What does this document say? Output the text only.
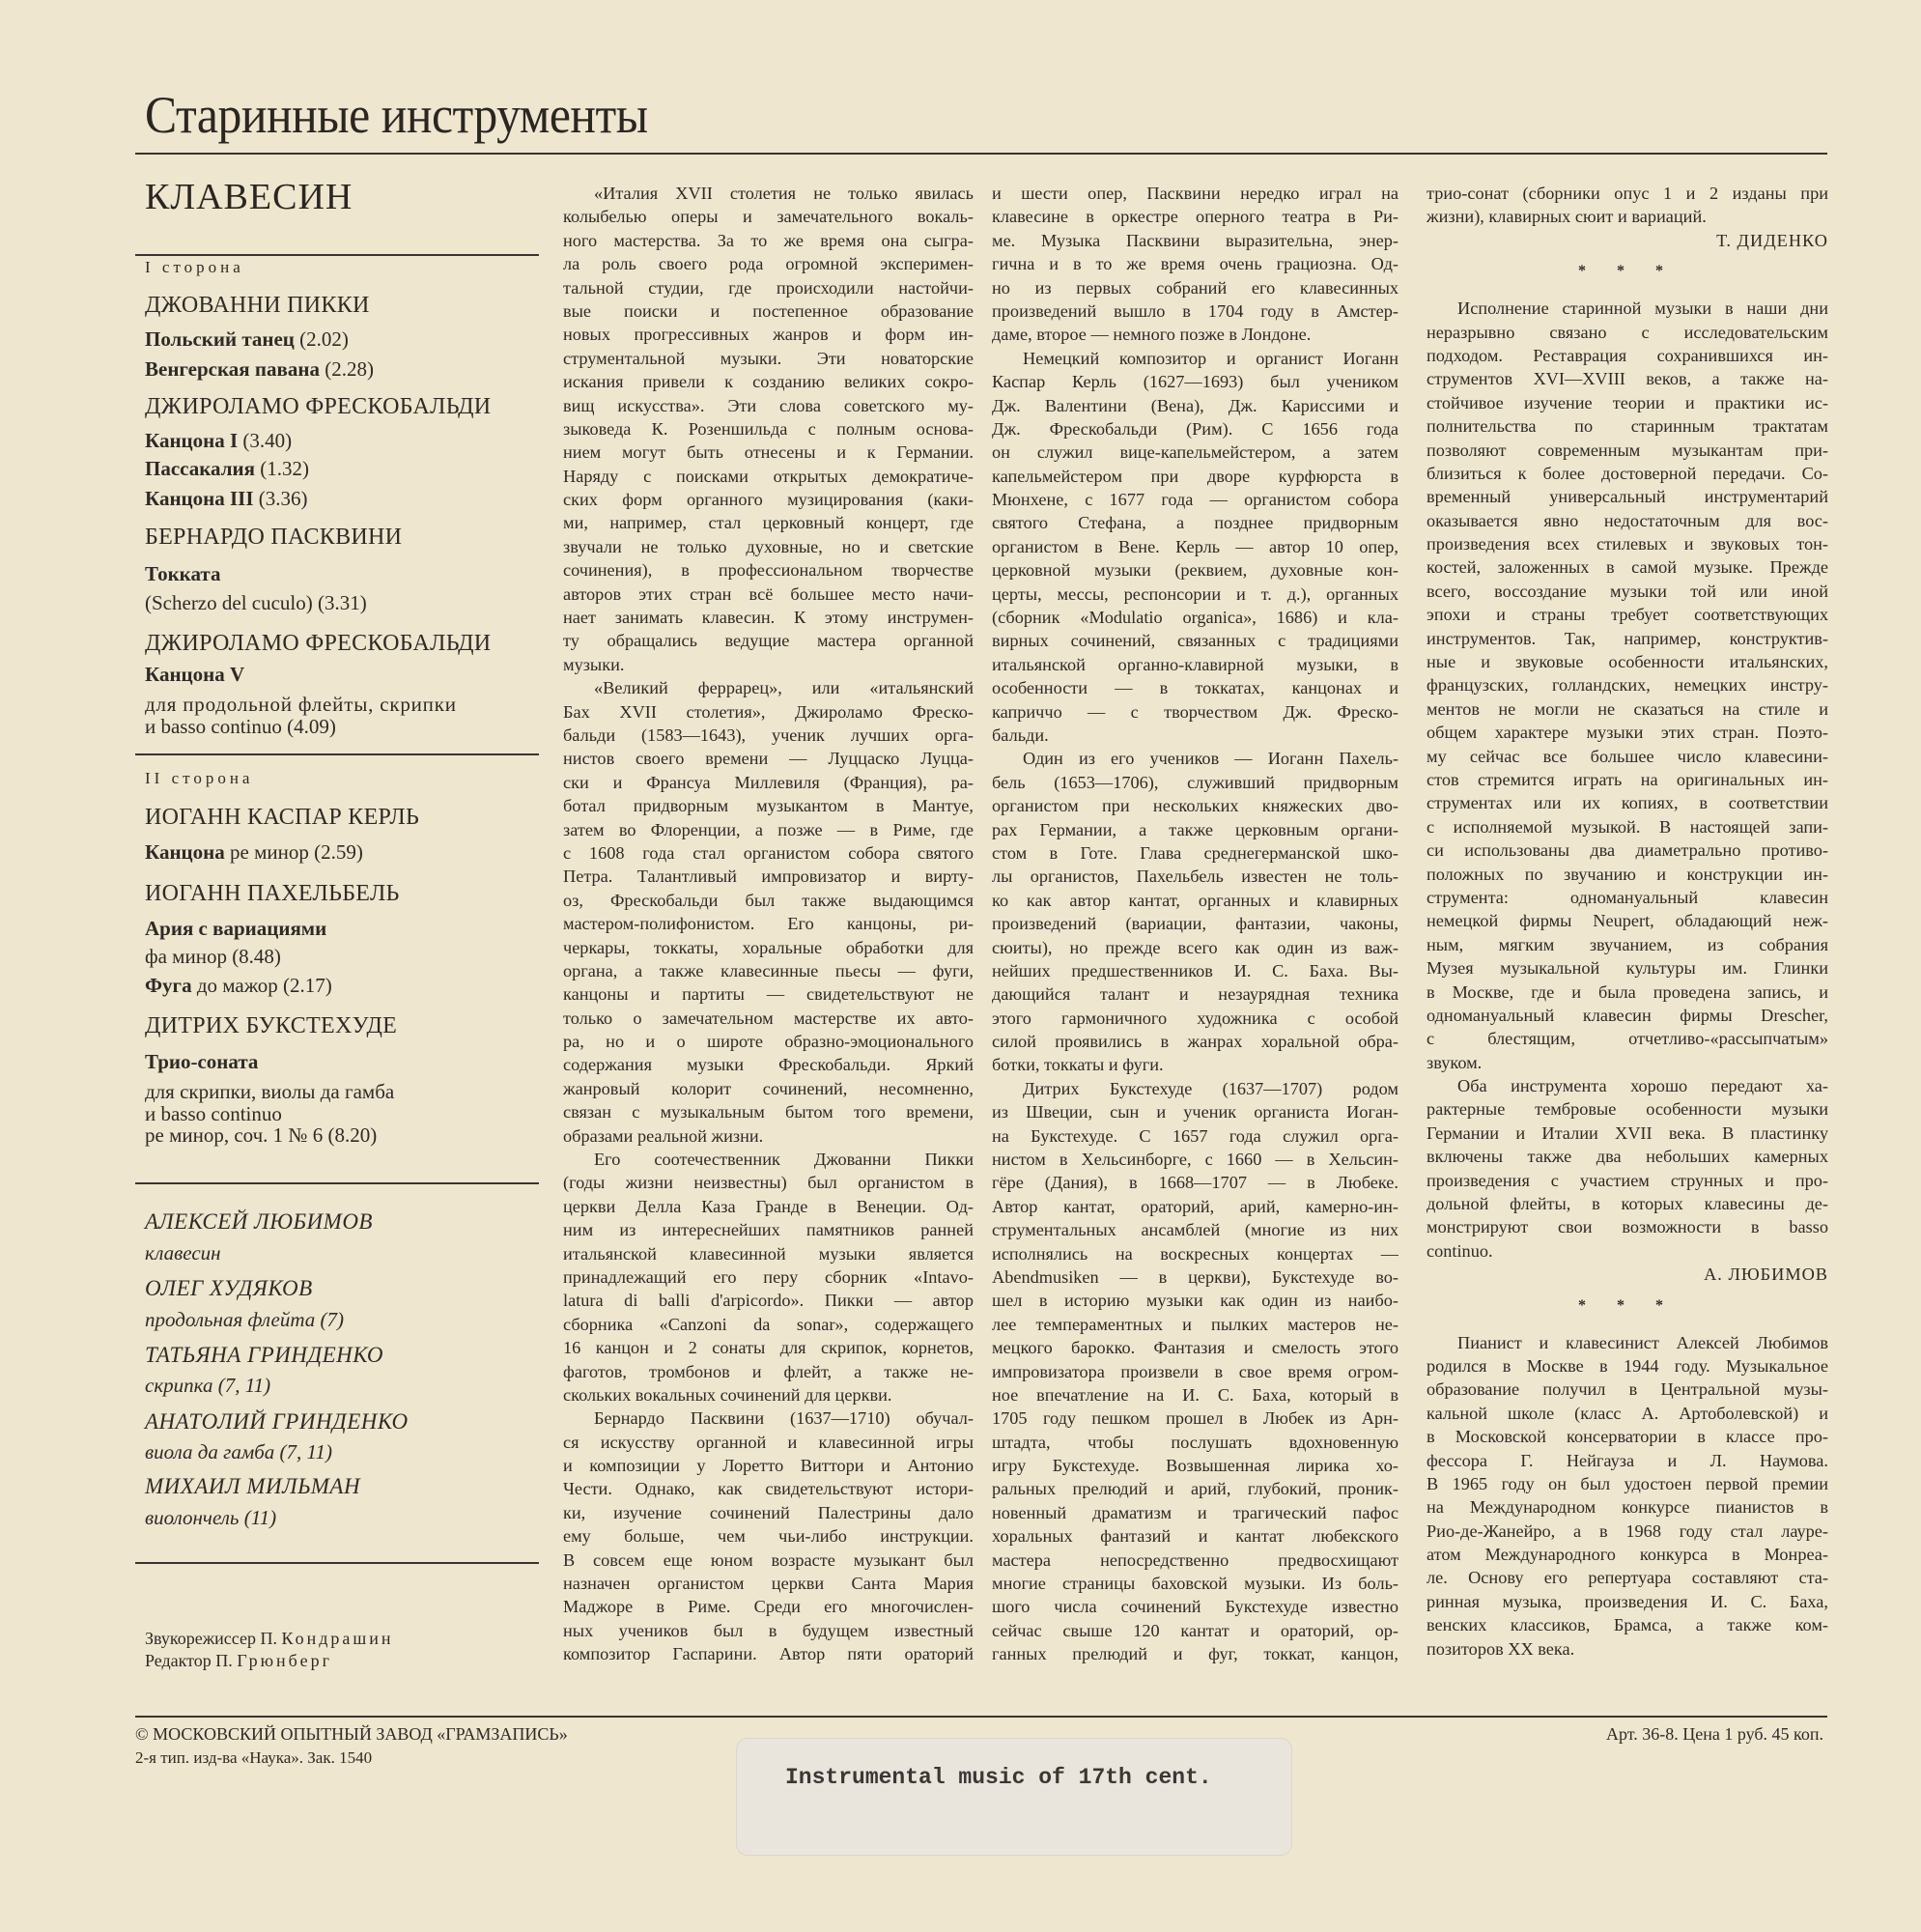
Старинные инструменты
КЛАВЕСИН
I сторона
ДЖОВАННИ ПИККИ
Польский танец (2.02)
Венгерская павана (2.28)
ДЖИРОЛАМО ФРЕСКОБАЛЬДИ
Канцона I (3.40)
Пассакалия (1.32)
Канцона III (3.36)
БЕРНАРДО ПАСКВИНИ
Токката
(Scherzo del cuculo) (3.31)
ДЖИРОЛАМО ФРЕСКОБАЛЬДИ
Канцона V
для продольной флейты, скрипки
и basso continuo (4.09)
II сторона
ИОГАНН КАСПАР КЕРЛЬ
Канцона ре минор (2.59)
ИОГАНН ПАХЕЛЬБЕЛЬ
Ария с вариациями
фа минор (8.48)
Фуга до мажор (2.17)
ДИТРИХ БУКСТЕХУДЕ
Трио-соната
для скрипки, виолы да гамба
и basso continuo
ре минор, соч. 1 № 6 (8.20)
АЛЕКСЕЙ ЛЮБИМОВ
клавесин
ОЛЕГ ХУДЯКОВ
продольная флейта (7)
ТАТЬЯНА ГРИНДЕНКО
скрипка (7, 11)
АНАТОЛИЙ ГРИНДЕНКО
виола да гамба (7, 11)
МИХАИЛ МИЛЬМАН
виолончель (11)
Звукорежиссер П. Кондрашин
Редактор П. Грюнберг
«Италия XVII столетия не только явилась
колыбелью оперы и замечательного вокаль-
ного мастерства. За то же время она сыгра-
ла роль своего рода огромной эксперимен-
тальной студии, где происходили настойчи-
вые поиски и постепенное образование
новых прогрессивных жанров и форм ин-
струментальной музыки. Эти новаторские
искания привели к созданию великих сокро-
вищ искусства». Эти слова советского му-
зыковеда К. Розеншильда с полным основа-
нием могут быть отнесены и к Германии.
Наряду с поисками открытых демократиче-
ских форм органного музицирования (каки-
ми, например, стал церковный концерт, где
звучали не только духовные, но и светские
сочинения), в профессиональном творчестве
авторов этих стран всё большее место начи-
нает занимать клавесин. К этому инструмен-
ту обращались ведущие мастера органной
музыки.
«Великий феррарец», или «итальянский
Бах XVII столетия», Джироламо Фреско-
бальди (1583—1643), ученик лучших орга-
нистов своего времени — Луццаско Луцца-
ски и Франсуа Миллевиля (Франция), ра-
ботал придворным музыкантом в Мантуе,
затем во Флоренции, а позже — в Риме, где
с 1608 года стал органистом собора святого
Петра. Талантливый импровизатор и вирту-
оз, Фрескобальди был также выдающимся
мастером-полифонистом. Его канцоны, ри-
черкары, токкаты, хоральные обработки для
органа, а также клавесинные пьесы — фуги,
канцоны и партиты — свидетельствуют не
только о замечательном мастерстве их авто-
ра, но и о широте образно-эмоционального
содержания музыки Фрескобальди. Яркий
жанровый колорит сочинений, несомненно,
связан с музыкальным бытом того времени,
образами реальной жизни.
Его соотечественник Джованни Пикки
(годы жизни неизвестны) был органистом в
церкви Делла Каза Гранде в Венеции. Од-
ним из интереснейших памятников ранней
итальянской клавесинной музыки является
принадлежащий его перу сборник «Intavo-
latura di balli d'arpicordo». Пикки — автор
сборника «Canzoni da sonar», содержащего
16 канцон и 2 сонаты для скрипок, корнетов,
фаготов, тромбонов и флейт, а также не-
скольких вокальных сочинений для церкви.
Бернардо Пасквини (1637—1710) обучал-
ся искусству органной и клавесинной игры
и композиции у Лоретто Виттори и Антонио
Чести. Однако, как свидетельствуют истори-
ки, изучение сочинений Палестрины дало
ему больше, чем чьи-либо инструкции.
В совсем еще юном возрасте музыкант был
назначен органистом церкви Санта Мария
Маджоре в Риме. Среди его многочислен-
ных учеников был в будущем известный
композитор Гаспарини. Автор пяти ораторий
и шести опер, Пасквини нередко играл на
клавесине в оркестре оперного театра в Ри-
ме. Музыка Пасквини выразительна, энер-
гична и в то же время очень грациозна. Од-
но из первых собраний его клавесинных
произведений вышло в 1704 году в Амстер-
даме, второе — немного позже в Лондоне.
Немецкий композитор и органист Иоганн
Каспар Керль (1627—1693) был учеником
Дж. Валентини (Вена), Дж. Кариссими и
Дж. Фрескобальди (Рим). С 1656 года
он служил вице-капельмейстером, а затем
капельмейстером при дворе курфюрста в
Мюнхене, с 1677 года — органистом собора
святого Стефана, а позднее придворным
органистом в Вене. Керль — автор 10 опер,
церковной музыки (реквием, духовные кон-
церты, мессы, респонсории и т. д.), органных
(сборник «Modulatio organica», 1686) и кла-
вирных сочинений, связанных с традициями
итальянской органно-клавирной музыки, в
особенности — в токкатах, канцонах и
каприччо — с творчеством Дж. Фреско-
бальди.
Один из его учеников — Иоганн Пахель-
бель (1653—1706), служивший придворным
органистом при нескольких княжеских дво-
рах Германии, а также церковным органи-
стом в Готе. Глава среднегерманской шко-
лы органистов, Пахельбель известен не толь-
ко как автор кантат, органных и клавирных
произведений (вариации, фантазии, чаконы,
сюиты), но прежде всего как один из важ-
нейших предшественников И. С. Баха. Вы-
дающийся талант и незаурядная техника
этого гармоничного художника с особой
силой проявились в жанрах хоральной обра-
ботки, токкаты и фуги.
Дитрих Букстехуде (1637—1707) родом
из Швеции, сын и ученик органиста Иоган-
на Букстехуде. С 1657 года служил орга-
нистом в Хельсинборге, с 1660 — в Хельсин-
гёре (Дания), в 1668—1707 — в Любеке.
Автор кантат, ораторий, арий, камерно-ин-
струментальных ансамблей (многие из них
исполнялись на воскресных концертах —
Abendmusiken — в церкви), Букстехуде во-
шел в историю музыки как один из наибо-
лее темпераментных и пылких мастеров не-
мецкого барокко. Фантазия и смелость этого
импровизатора произвели в свое время огром-
ное впечатление на И. С. Баха, который в
1705 году пешком прошел в Любек из Арн-
штадта, чтобы послушать вдохновенную
игру Букстехуде. Возвышенная лирика хо-
ральных прелюдий и арий, глубокий, проник-
новенный драматизм и трагический пафос
хоральных фантазий и кантат любекского
мастера непосредственно предвосхищают
многие страницы баховской музыки. Из боль-
шого числа сочинений Букстехуде известно
сейчас свыше 120 кантат и ораторий, ор-
ганных прелюдий и фуг, токкат, канцон,
трио-сонат (сборники опус 1 и 2 изданы при
жизни), клавирных сюит и вариаций.
Т. ДИДЕНКО
* * *
Исполнение старинной музыки в наши дни
неразрывно связано с исследовательским
подходом. Реставрация сохранившихся ин-
струментов XVI—XVIII веков, а также на-
стойчивое изучение теории и практики ис-
полнительства по старинным трактатам
позволяют современным музыкантам при-
близиться к более достоверной передачи. Со-
временный универсальный инструментарий
оказывается явно недостаточным для вос-
произведения всех стилевых и звуковых тон-
костей, заложенных в самой музыке. Прежде
всего, воссоздание музыки той или иной
эпохи и страны требует соответствующих
инструментов. Так, например, конструктив-
ные и звуковые особенности итальянских,
французских, голландских, немецких инстру-
ментов не могли не сказаться на стиле и
общем характере музыки этих стран. Поэто-
му сейчас все большее число клавесини-
стов стремится играть на оригинальных ин-
струментах или их копиях, в соответствии
с исполняемой музыкой. В настоящей запи-
си использованы два диаметрально противо-
положных по звучанию и конструкции ин-
струмента: одномануальный клавесин
немецкой фирмы Neupert, обладающий неж-
ным, мягким звучанием, из собрания
Музея музыкальной культуры им. Глинки
в Москве, где и была проведена запись, и
одномануальный клавесин фирмы Drescher,
с блестящим, отчетливо-«рассыпчатым»
звуком.
Оба инструмента хорошо передают ха-
рактерные тембровые особенности музыки
Германии и Италии XVII века. В пластинку
включены также два небольших камерных
произведения с участием струнных и про-
дольной флейты, в которых клавесины де-
монстрируют свои возможности в basso
continuo.
А. ЛЮБИМОВ
* * *
Пианист и клавесинист Алексей Любимов
родился в Москве в 1944 году. Музыкальное
образование получил в Центральной музы-
кальной школе (класс А. Артоболевской) и
в Московской консерватории в классе про-
фессора Г. Нейгауза и Л. Наумова.
В 1965 году он был удостоен первой премии
на Международном конкурсе пианистов в
Рио-де-Жанейро, а в 1968 году стал лауре-
атом Международного конкурса в Монреа-
ле. Основу его репертуара составляют ста-
ринная музыка, произведения И. С. Баха,
венских классиков, Брамса, а также ком-
позиторов XX века.
© МОСКОВСКИЙ ОПЫТНЫЙ ЗАВОД «ГРАМЗАПИСЬ»
2-я тип. изд-ва «Наука». Зак. 1540
Арт. 36-8. Цена 1 руб. 45 коп.
Instrumental music of 17th cent.
